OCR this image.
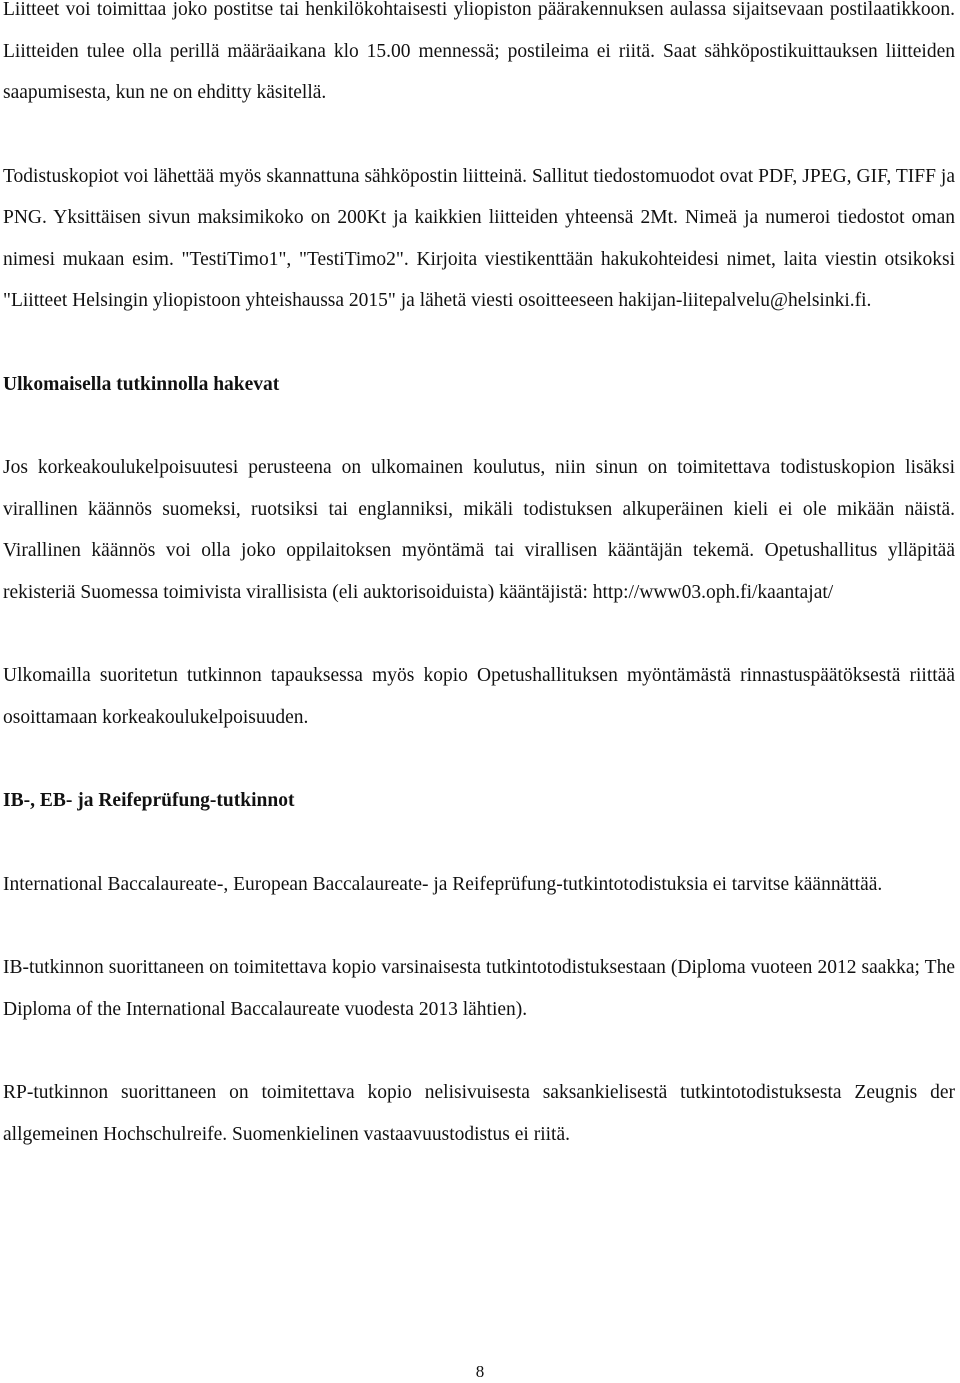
Liitteet voi toimittaa joko postitse tai henkilökohtaisesti yliopiston päärakennuksen aulassa sijaitsevaan postilaatikkoon. Liitteiden tulee olla perillä määräaikana klo 15.00 mennessä; postileima ei riitä. Saat sähköpostikuittauksen liitteiden saapumisesta, kun ne on ehditty käsitellä.

Todistuskopiot voi lähettää myös skannattuna sähköpostin liitteinä. Sallitut tiedostomuodot ovat PDF, JPEG, GIF, TIFF ja PNG. Yksittäisen sivun maksimikoko on 200Kt ja kaikkien liitteiden yhteensä 2Mt. Nimeä ja numeroi tiedostot oman nimesi mukaan esim. "TestiTimo1", "TestiTimo2". Kirjoita viestikenttään hakukohteidesi nimet, laita viestin otsikoksi "Liitteet Helsingin yliopistoon yhteishaussa 2015" ja lähetä viesti osoitteeseen hakijan-liitepalvelu@helsinki.fi.

Ulkomaisella tutkinnolla hakevat

Jos korkeakoulukelpoisuutesi perusteena on ulkomainen koulutus, niin sinun on toimitettava todistuskopion lisäksi virallinen käännös suomeksi, ruotsiksi tai englanniksi, mikäli todistuksen alkuperäinen kieli ei ole mikään näistä. Virallinen käännös voi olla joko oppilaitoksen myöntämä tai virallisen kääntäjän tekemä. Opetushallitus ylläpitää rekisteriä Suomessa toimivista virallisista (eli auktorisoiduista) kääntäjistä: http://www03.oph.fi/kaantajat/

Ulkomailla suoritetun tutkinnon tapauksessa myös kopio Opetushallituksen myöntämästä rinnastuspäätöksestä riittää osoittamaan korkeakoulukelpoisuuden.

IB-, EB- ja Reifeprüfung-tutkinnot

International Baccalaureate-, European Baccalaureate- ja Reifeprüfung-tutkintotodistuksia ei tarvitse käännättää.

IB-tutkinnon suorittaneen on toimitettava kopio varsinaisesta tutkintotodistuksestaan (Diploma vuoteen 2012 saakka; The Diploma of the International Baccalaureate vuodesta 2013 lähtien).

RP-tutkinnon suorittaneen on toimitettava kopio nelisivuisesta saksankielisestä tutkintotodistuksesta Zeugnis der allgemeinen Hochschulreife. Suomenkielinen vastaavuustodistus ei riitä.

8
